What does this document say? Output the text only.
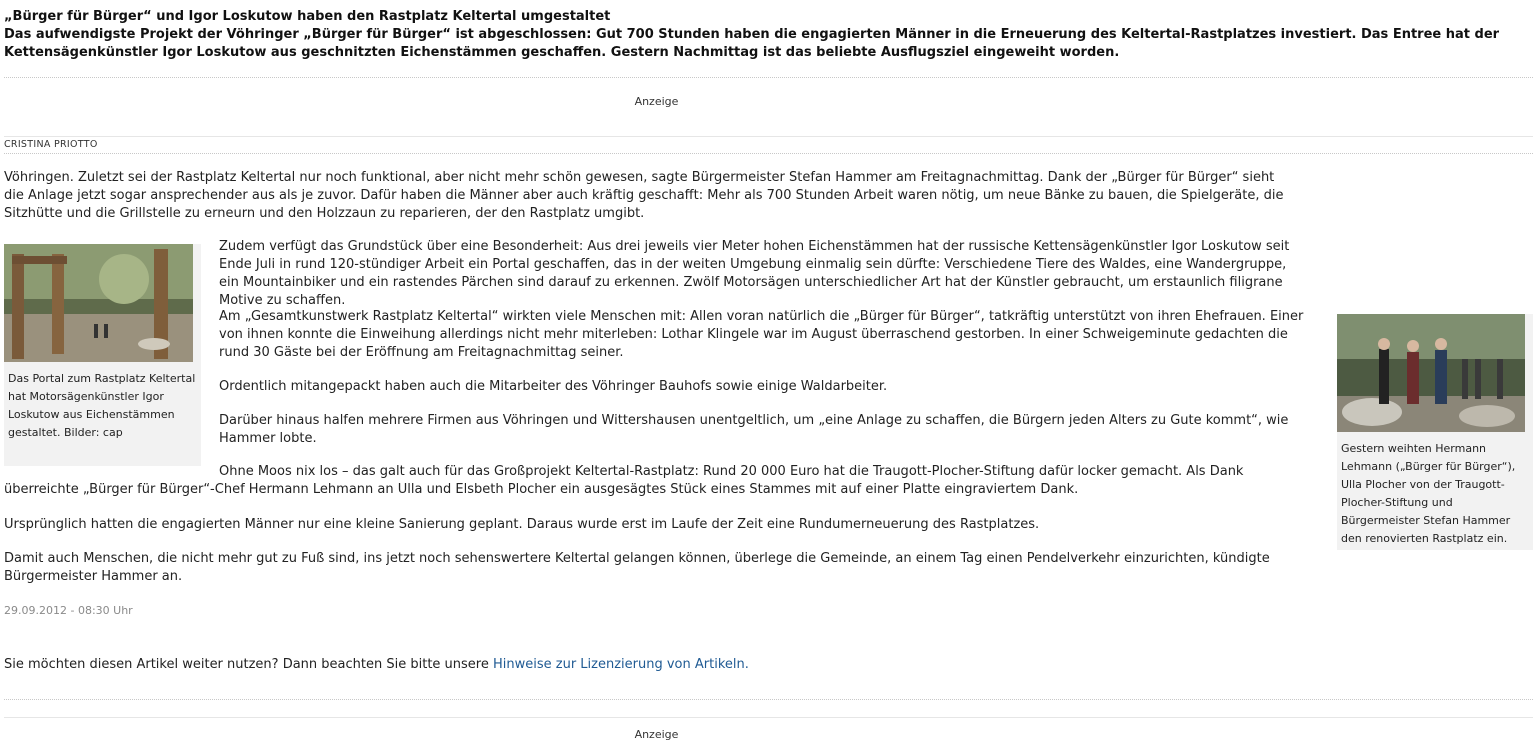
„Bürger für Bürger“ und Igor Loskutow haben den Rastplatz Keltertal umgestaltet

Das aufwendigste Projekt der Vöhringer „Bürger für Bürger“ ist abgeschlossen: Gut 700 Stunden haben die engagierten Männer in die Erneuerung des Keltertal-Rastplatzes investiert. Das Entree hat der Kettensägenkünstler Igor Loskutow aus geschnitzten Eichenstämmen geschaffen. Gestern Nachmittag ist das beliebte Ausflugsziel eingeweiht worden.

Anzeige
CRISTINA PRIOTTO

Vöhringen. Zuletzt sei der Rastplatz Keltertal nur noch funktional, aber nicht mehr schön gewesen, sagte Bürgermeister Stefan Hammer am Freitagnachmittag. Dank der „Bürger für Bürger“ sieht die Anlage jetzt sogar ansprechender aus als je zuvor. Dafür haben die Männer aber auch kräftig geschafft: Mehr als 700 Stunden Arbeit waren nötig, um neue Bänke zu bauen, die Spielgeräte, die Sitzhütte und die Grillstelle zu erneurn und den Holzzaun zu reparieren, der den Rastplatz umgibt.

Das Portal zum Rastplatz Keltertal hat Motorsägenkünstler Igor Loskutow aus Eichenstämmen gestaltet. Bilder: cap

Zudem verfügt das Grundstück über eine Besonderheit: Aus drei jeweils vier Meter hohen Eichenstämmen hat der russische Kettensägenkünstler Igor Loskutow seit Ende Juli in rund 120-stündiger Arbeit ein Portal geschaffen, das in der weiten Umgebung einmalig sein dürfte: Verschiedene Tiere des Waldes, eine Wandergruppe, ein Mountainbiker und ein rastendes Pärchen sind darauf zu erkennen. Zwölf Motorsägen unterschiedlicher Art hat der Künstler gebraucht, um erstaunlich filigrane Motive zu schaffen.

Am „Gesamtkunstwerk Rastplatz Keltertal“ wirkten viele Menschen mit: Allen voran natürlich die „Bürger für Bürger“, tatkräftig unterstützt von ihren Ehefrauen. Einer von ihnen konnte die Einweihung allerdings nicht mehr miterleben: Lothar Klingele war im August überraschend gestorben. In einer Schweigeminute gedachten die rund 30 Gäste bei der Eröffnung am Freitagnachmittag seiner.

Ordentlich mitangepackt haben auch die Mitarbeiter des Vöhringer Bauhofs sowie einige Waldarbeiter.

Darüber hinaus halfen mehrere Firmen aus Vöhringen und Wittershausen unentgeltlich, um „eine Anlage zu schaffen, die Bürgern jeden Alters zu Gute kommt“, wie Hammer lobte.

Gestern weihten Hermann Lehmann („Bürger für Bürger“), Ulla Plocher von der Traugott-Plocher-Stiftung und Bürgermeister Stefan Hammer den renovierten Rastplatz ein.

Ohne Moos nix los – das galt auch für das Großprojekt Keltertal-Rastplatz: Rund 20 000 Euro hat die Traugott-Plocher-Stiftung dafür locker gemacht. Als Dank überreichte „Bürger für Bürger“-Chef Hermann Lehmann an Ulla und Elsbeth Plocher ein ausgesägtes Stück eines Stammes mit auf einer Platte eingraviertem Dank.

Ursprünglich hatten die engagierten Männer nur eine kleine Sanierung geplant. Daraus wurde erst im Laufe der Zeit eine Rundumerneuerung des Rastplatzes.

Damit auch Menschen, die nicht mehr gut zu Fuß sind, ins jetzt noch sehenswertere Keltertal gelangen können, überlege die Gemeinde, an einem Tag einen Pendelverkehr einzurichten, kündigte Bürgermeister Hammer an.

29.09.2012 - 08:30 Uhr
Sie möchten diesen Artikel weiter nutzen? Dann beachten Sie bitte unsere Hinweise zur Lizenzierung von Artikeln.
Anzeige
